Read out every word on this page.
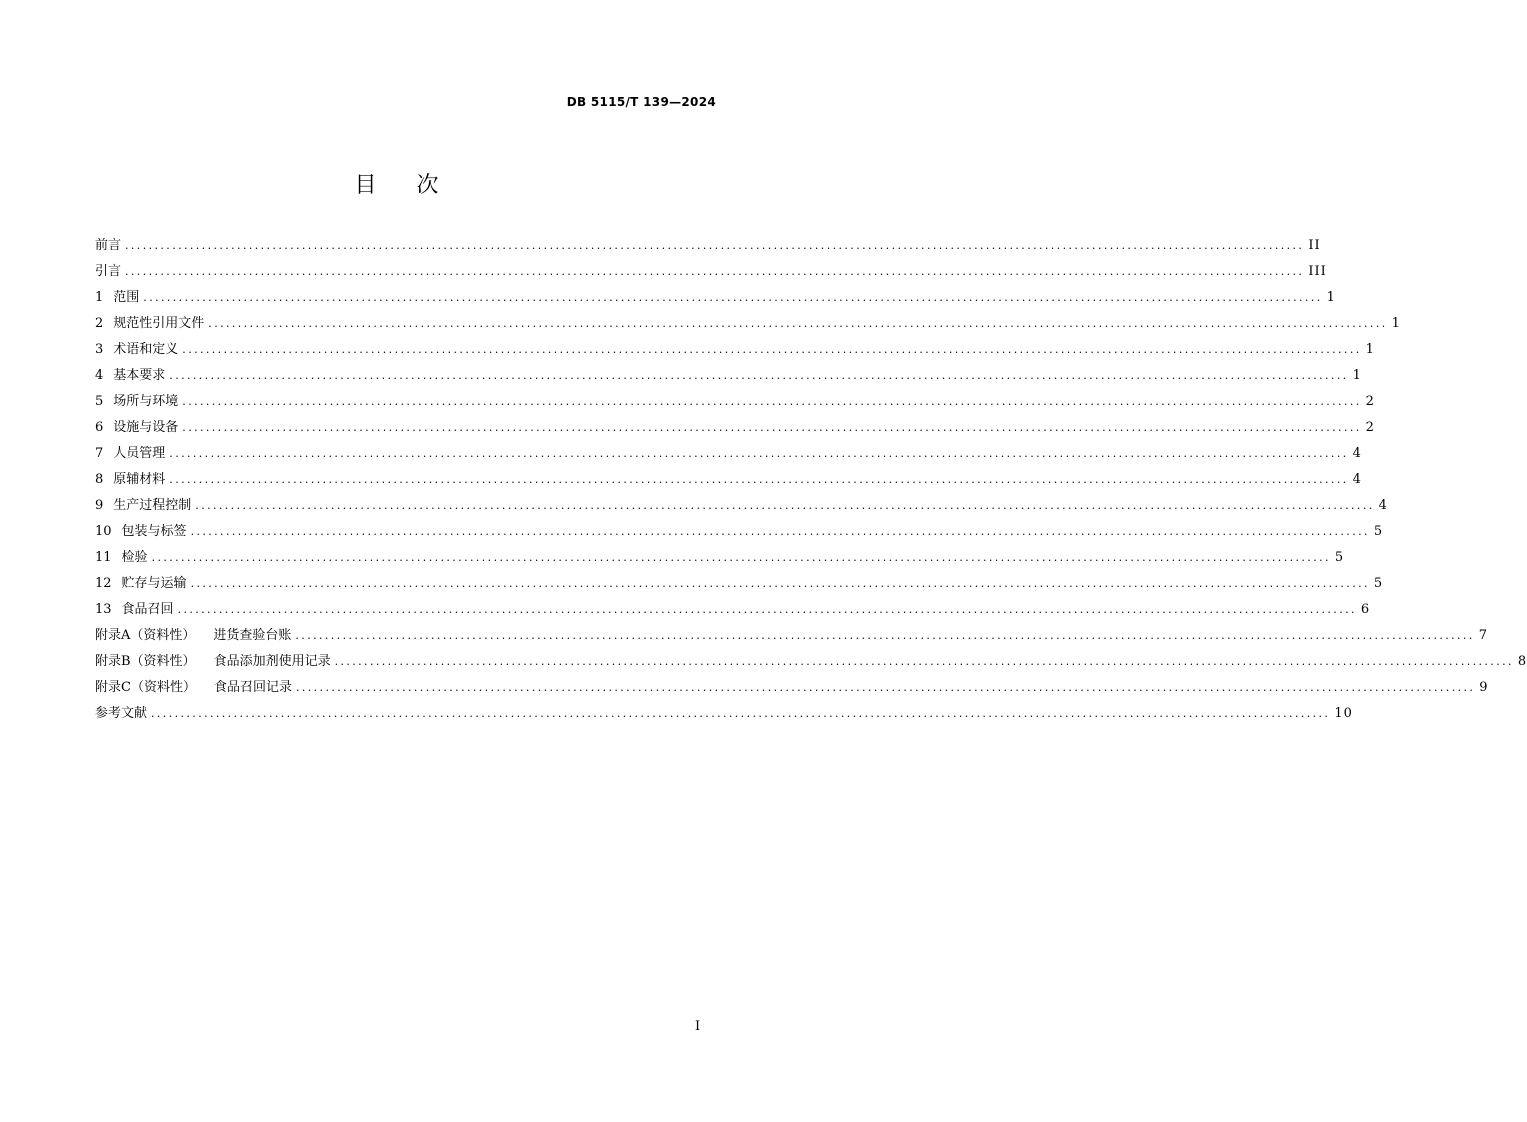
DB 5115/T 139—2024
目 次
前言 ........................................................................................................................................................................................................ II
引言 ........................................................................................................................................................................................................ III
1 范围 ........................................................................................................................................................................................................ 1
2 规范性引用文件 ........................................................................................................................................................................................................ 1
3 术语和定义 ........................................................................................................................................................................................................ 1
4 基本要求 ........................................................................................................................................................................................................ 1
5 场所与环境 ........................................................................................................................................................................................................ 2
6 设施与设备 ........................................................................................................................................................................................................ 2
7 人员管理 ........................................................................................................................................................................................................ 4
8 原辅材料 ........................................................................................................................................................................................................ 4
9 生产过程控制 ........................................................................................................................................................................................................ 4
10 包装与标签 ........................................................................................................................................................................................................ 5
11 检验 ........................................................................................................................................................................................................ 5
12 贮存与运输 ........................................................................................................................................................................................................ 5
13 食品召回 ........................................................................................................................................................................................................ 6
附录A（资料性） 进货查验台账 ........................................................................................................................................................................................................ 7
附录B（资料性） 食品添加剂使用记录 ........................................................................................................................................................................................................ 8
附录C（资料性） 食品召回记录 ........................................................................................................................................................................................................ 9
参考文献 ........................................................................................................................................................................................................ 10
I
